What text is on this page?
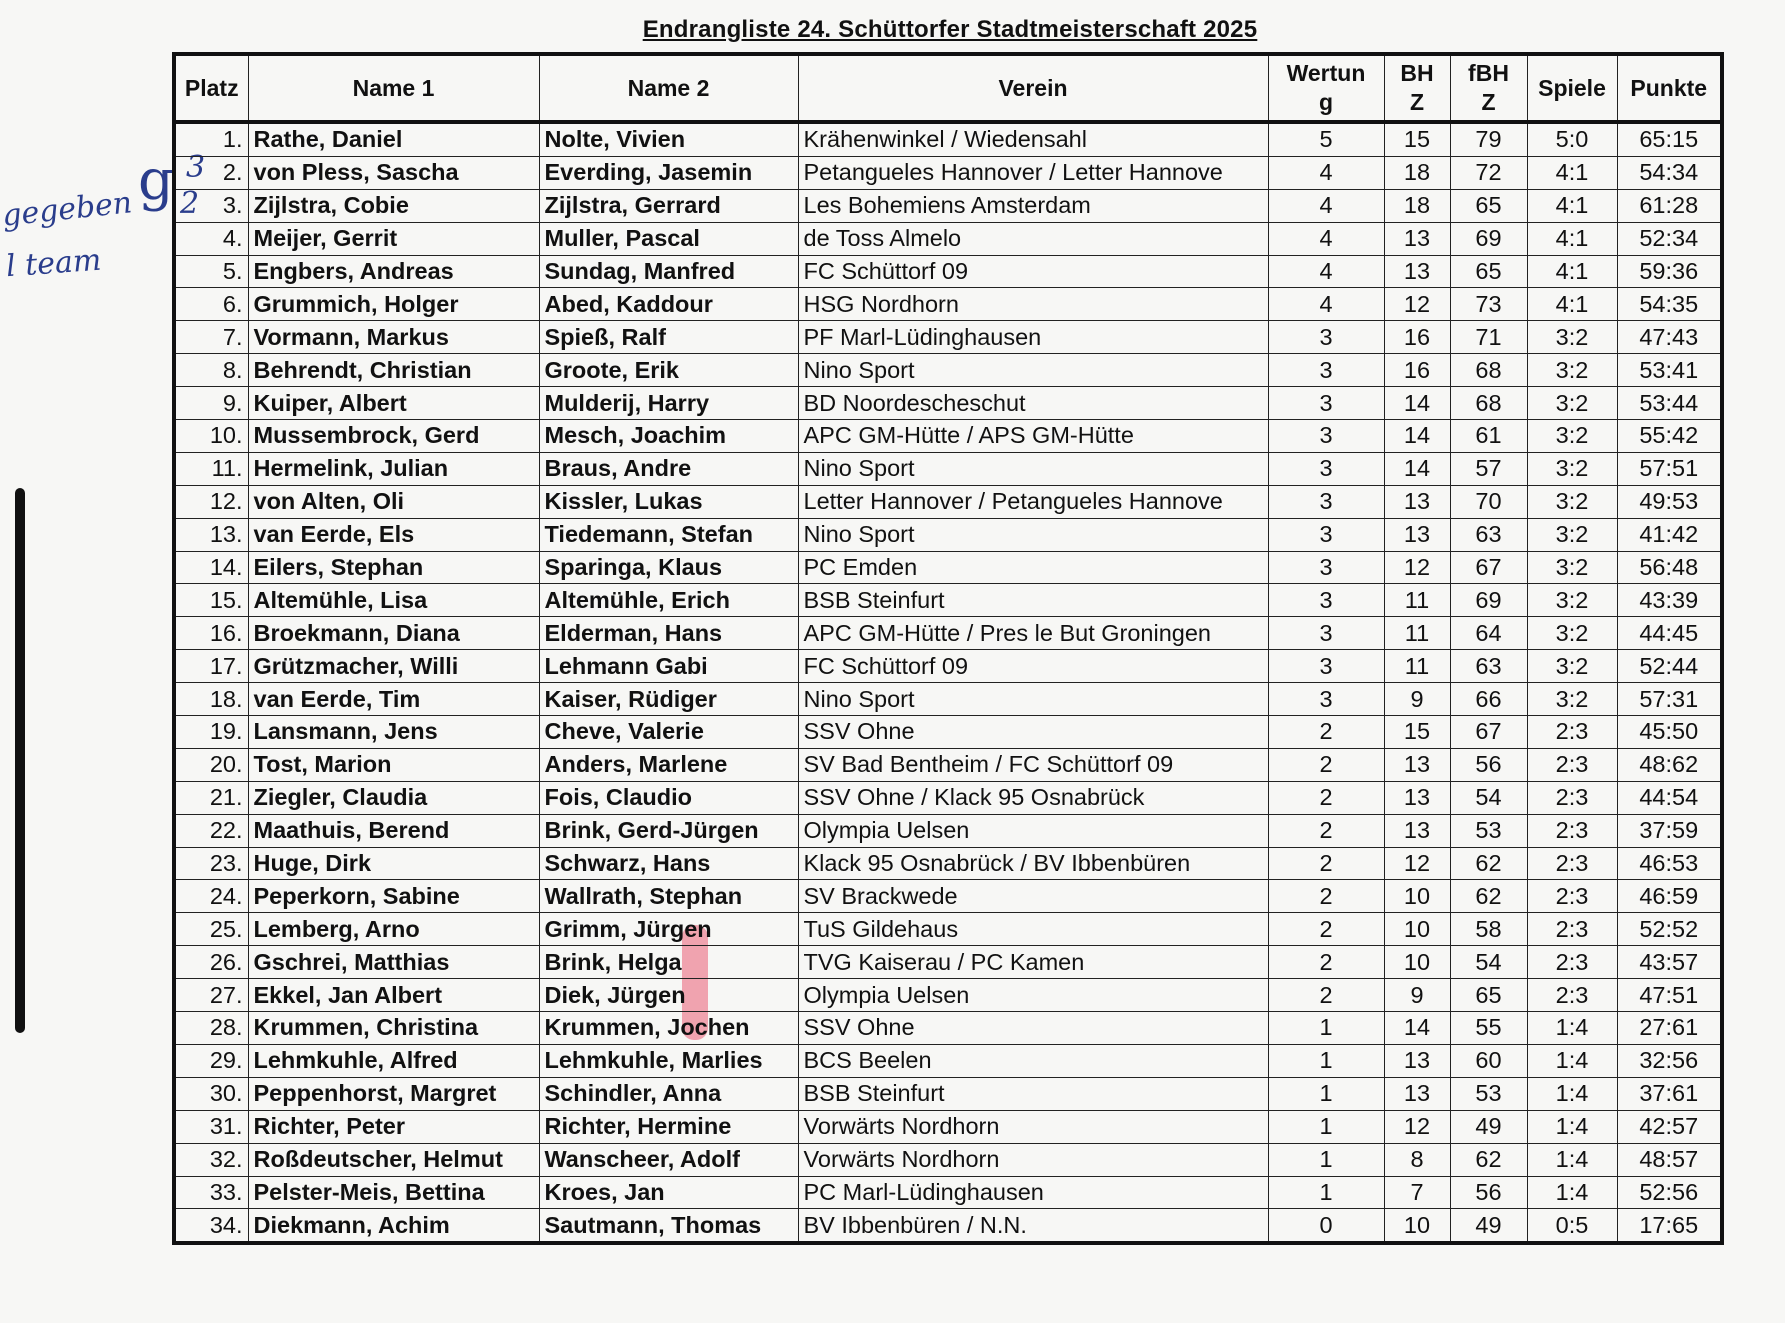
Endrangliste 24. Schüttorfer Stadtmeisterschaft 2025
gegeben
l team
g 3
2
Platz	Name 1	Name 2	Verein	Wertung	BHZ	fBHZ	Spiele	Punkte
1.	Rathe, Daniel	Nolte, Vivien	Krähenwinkel / Wiedensahl	5	15	79	5:0	65:15
2.	von Pless, Sascha	Everding, Jasemin	Petangueles Hannover / Letter Hannove	4	18	72	4:1	54:34
3.	Zijlstra, Cobie	Zijlstra, Gerrard	Les Bohemiens Amsterdam	4	18	65	4:1	61:28
4.	Meijer, Gerrit	Muller, Pascal	de Toss Almelo	4	13	69	4:1	52:34
5.	Engbers, Andreas	Sundag, Manfred	FC Schüttorf 09	4	13	65	4:1	59:36
6.	Grummich, Holger	Abed, Kaddour	HSG Nordhorn	4	12	73	4:1	54:35
7.	Vormann, Markus	Spieß, Ralf	PF Marl-Lüdinghausen	3	16	71	3:2	47:43
8.	Behrendt, Christian	Groote, Erik	Nino Sport	3	16	68	3:2	53:41
9.	Kuiper, Albert	Mulderij, Harry	BD Noordescheschut	3	14	68	3:2	53:44
10.	Mussembrock, Gerd	Mesch, Joachim	APC GM-Hütte / APS GM-Hütte	3	14	61	3:2	55:42
11.	Hermelink, Julian	Braus, Andre	Nino Sport	3	14	57	3:2	57:51
12.	von Alten, Oli	Kissler, Lukas	Letter Hannover / Petangueles Hannove	3	13	70	3:2	49:53
13.	van Eerde, Els	Tiedemann, Stefan	Nino Sport	3	13	63	3:2	41:42
14.	Eilers, Stephan	Sparinga, Klaus	PC Emden	3	12	67	3:2	56:48
15.	Altemühle, Lisa	Altemühle, Erich	BSB Steinfurt	3	11	69	3:2	43:39
16.	Broekmann, Diana	Elderman, Hans	APC GM-Hütte / Pres le But Groningen	3	11	64	3:2	44:45
17.	Grützmacher, Willi	Lehmann Gabi	FC Schüttorf 09	3	11	63	3:2	52:44
18.	van Eerde, Tim	Kaiser, Rüdiger	Nino Sport	3	9	66	3:2	57:31
19.	Lansmann, Jens	Cheve, Valerie	SSV Ohne	2	15	67	2:3	45:50
20.	Tost, Marion	Anders, Marlene	SV Bad Bentheim / FC Schüttorf 09	2	13	56	2:3	48:62
21.	Ziegler, Claudia	Fois, Claudio	SSV Ohne / Klack 95 Osnabrück	2	13	54	2:3	44:54
22.	Maathuis, Berend	Brink, Gerd-Jürgen	Olympia Uelsen	2	13	53	2:3	37:59
23.	Huge, Dirk	Schwarz, Hans	Klack 95 Osnabrück / BV Ibbenbüren	2	12	62	2:3	46:53
24.	Peperkorn, Sabine	Wallrath, Stephan	SV Brackwede	2	10	62	2:3	46:59
25.	Lemberg, Arno	Grimm, Jürgen	TuS Gildehaus	2	10	58	2:3	52:52
26.	Gschrei, Matthias	Brink, Helga	TVG Kaiserau / PC Kamen	2	10	54	2:3	43:57
27.	Ekkel, Jan Albert	Diek, Jürgen	Olympia Uelsen	2	9	65	2:3	47:51
28.	Krummen, Christina	Krummen, Jochen	SSV Ohne	1	14	55	1:4	27:61
29.	Lehmkuhle, Alfred	Lehmkuhle, Marlies	BCS Beelen	1	13	60	1:4	32:56
30.	Peppenhorst, Margret	Schindler, Anna	BSB Steinfurt	1	13	53	1:4	37:61
31.	Richter, Peter	Richter, Hermine	Vorwärts Nordhorn	1	12	49	1:4	42:57
32.	Roßdeutscher, Helmut	Wanscheer, Adolf	Vorwärts Nordhorn	1	8	62	1:4	48:57
33.	Pelster-Meis, Bettina	Kroes, Jan	PC Marl-Lüdinghausen	1	7	56	1:4	52:56
34.	Diekmann, Achim	Sautmann, Thomas	BV Ibbenbüren / N.N.	0	10	49	0:5	17:65
